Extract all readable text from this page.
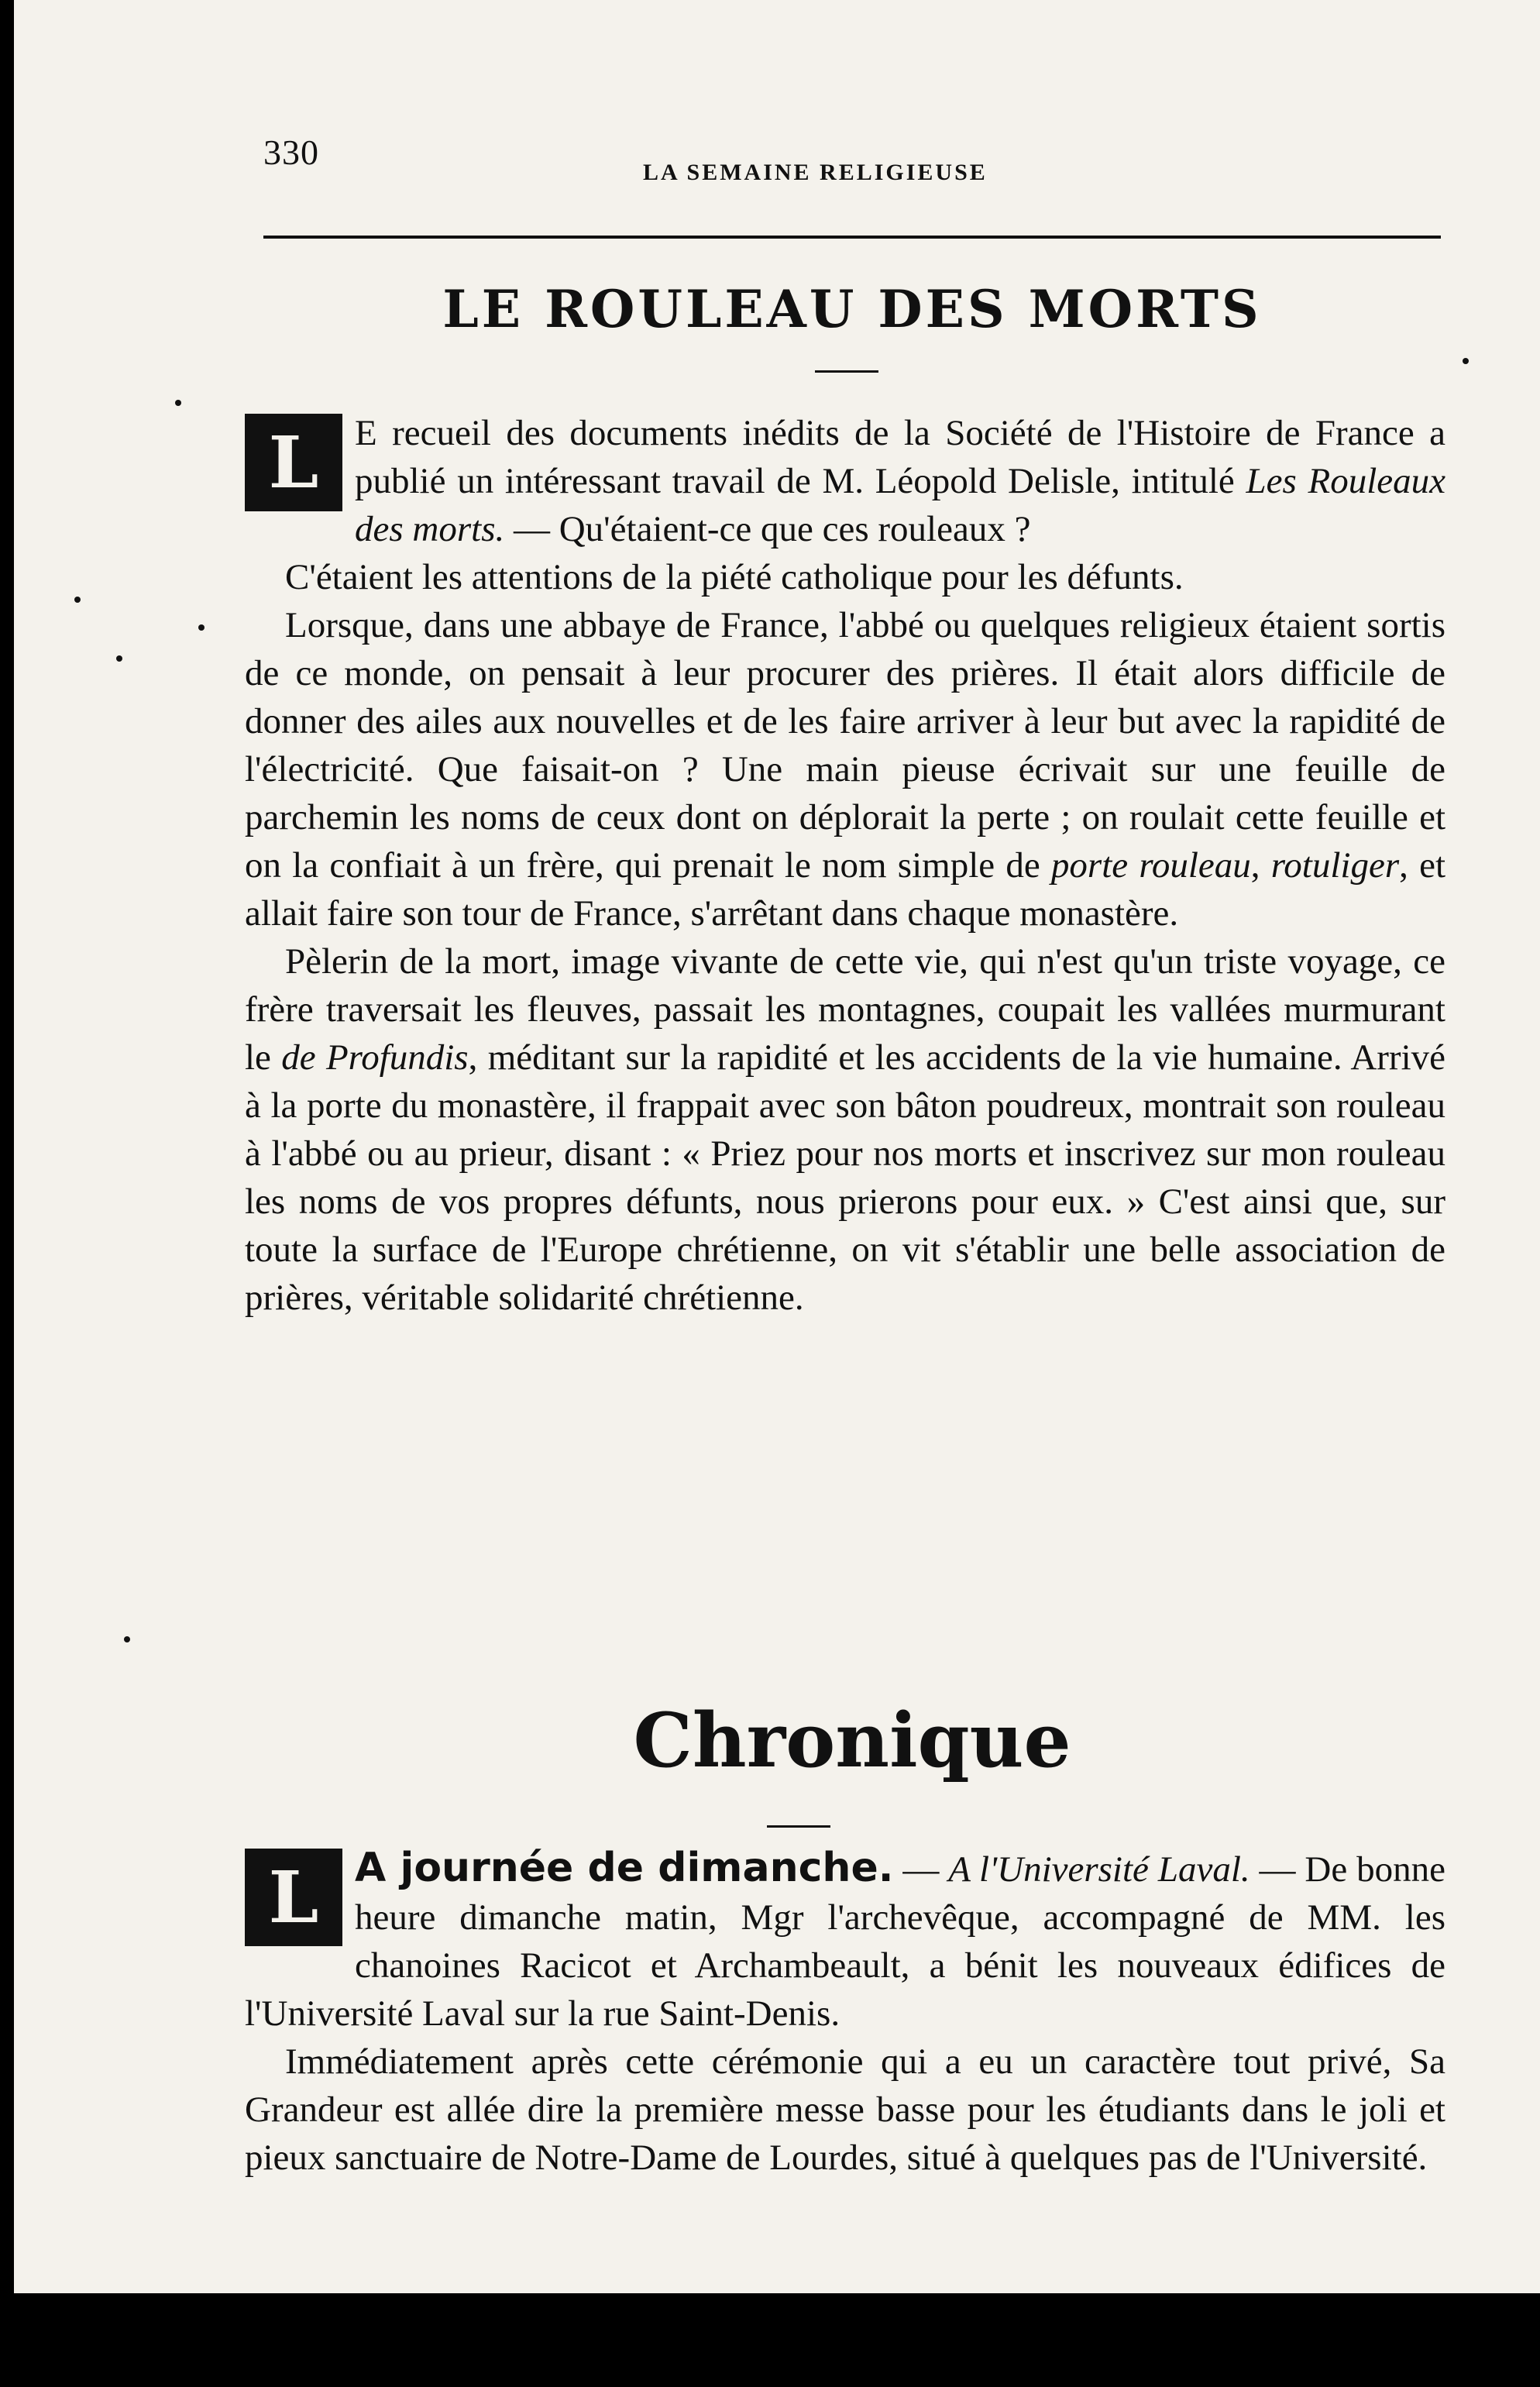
330
LA SEMAINE RELIGIEUSE
LE ROULEAU DES MORTS

L E recueil des documents inédits de la Société de l'Histoire de France a publié un intéressant travail de M. Léopold Delisle, intitulé Les Rouleaux des morts. — Qu'étaient-ce que ces rouleaux ?

C'étaient les attentions de la piété catholique pour les défunts.

Lorsque, dans une abbaye de France, l'abbé ou quelques religieux étaient sortis de ce monde, on pensait à leur procurer des prières. Il était alors difficile de donner des ailes aux nouvelles et de les faire arriver à leur but avec la rapidité de l'électricité. Que faisait-on ? Une main pieuse écrivait sur une feuille de parchemin les noms de ceux dont on déplorait la perte ; on roulait cette feuille et on la confiait à un frère, qui prenait le nom simple de porte rouleau, rotuliger, et allait faire son tour de France, s'arrêtant dans chaque monastère.

Pèlerin de la mort, image vivante de cette vie, qui n'est qu'un triste voyage, ce frère traversait les fleuves, passait les montagnes, coupait les vallées murmurant le de Profundis, méditant sur la rapidité et les accidents de la vie humaine. Arrivé à la porte du monastère, il frappait avec son bâton poudreux, montrait son rouleau à l'abbé ou au prieur, disant : « Priez pour nos morts et inscrivez sur mon rouleau les noms de vos propres défunts, nous prierons pour eux. » C'est ainsi que, sur toute la surface de l'Europe chrétienne, on vit s'établir une belle association de prières, véritable solidarité chrétienne.

Chronique

L A journée de dimanche. — A l'Université Laval. — De bonne heure dimanche matin, Mgr l'archevêque, accompagné de MM. les chanoines Racicot et Archambeault, a bénit les nouveaux édifices de l'Université Laval sur la rue Saint-Denis.

Immédiatement après cette cérémonie qui a eu un caractère tout privé, Sa Grandeur est allée dire la première messe basse pour les étudiants dans le joli et pieux sanctuaire de Notre-Dame de Lourdes, situé à quelques pas de l'Université.
